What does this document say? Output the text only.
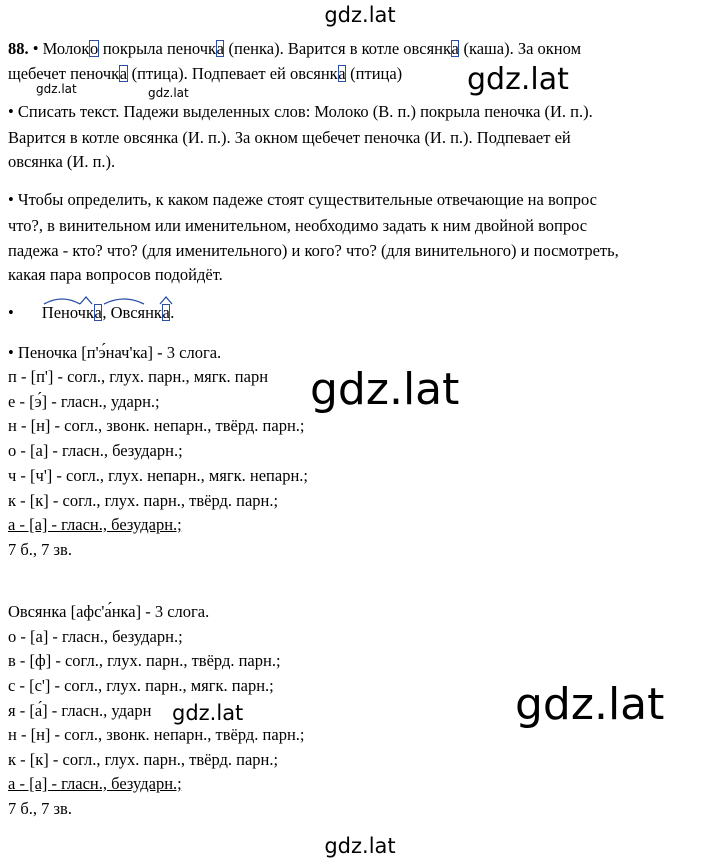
gdz.lat
88. • Молоко покрыла пеночка (пенка). Варится в котле овсянка (каша). За окном
щебечет пеночка (птица). Подпевает ей овсянка (птица) gdz.lat
gdz.lat	gdz.lat
• Списать текст. Падежи выделенных слов: Молоко (В. п.) покрыла пеночка (И. п.).
Варится в котле овсянка (И. п.). За окном щебечет пеночка (И. п.). Подпевает ей
овсянка (И. п.).
• Чтобы определить, к каком падеже стоят существительные отвечающие на вопрос
что?, в винительном или именительном, необходимо задать к ним двойной вопрос
падежа - кто? что? (для именительного) и кого? что? (для винительного) и посмотреть,
какая пара вопросов подойдёт.
• Пеночка, Овсянка.
• Пеночка [п'э́нач'ка] - 3 слога.
п - [п'] - согл., глух. парн., мягк. парн
е - [э́] - гласн., ударн.;
н - [н] - согл., звонк. непарн., твёрд. парн.;
о - [а] - гласн., безударн.;
ч - [ч'] - согл., глух. непарн., мягк. непарн.;
к - [к] - согл., глух. парн., твёрд. парн.;
а - [а] - гласн., безударн.;
7 б., 7 зв.
gdz.lat
Овсянка [афс'а́нка] - 3 слога.
о - [а] - гласн., безударн.;
в - [ф] - согл., глух. парн., твёрд. парн.;
с - [с'] - согл., глух. парн., мягк. парн.;
я - [а́] - гласн., ударн gdz.lat
н - [н] - согл., звонк. непарн., твёрд. парн.;
к - [к] - согл., глух. парн., твёрд. парн.;
а - [а] - гласн., безударн.;
7 б., 7 зв.
gdz.lat
gdz.lat
